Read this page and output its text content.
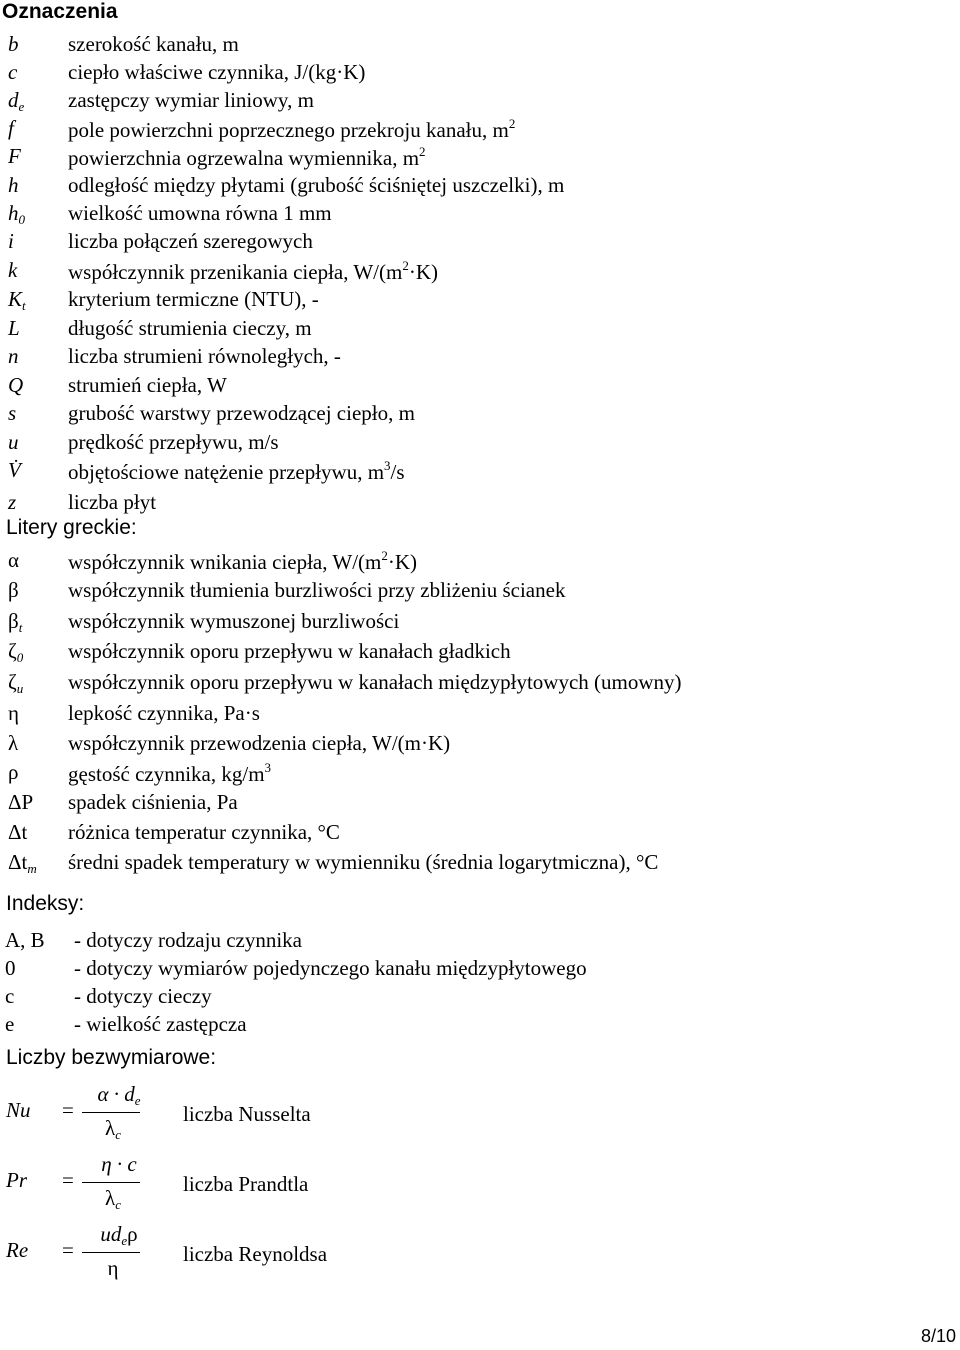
Oznaczenia
b szerokość kanału, m
c ciepło właściwe czynnika, J/(kg·K)
$d_e$ zastępczy wymiar liniowy, m
f	pole powierzchni poprzecznego przekroju kanału, $m^2$
F powierzchnia ogrzewalna wymiennika, $m^2$
h odległość między płytami (grubość ściśniętej uszczelki), m
$h_0$ wielkość umowna równa 1 mm
i	liczba połączeń szeregowych
k współczynnik przenikania ciepła, $W/(m^2\cdot K)$
$K_t$ kryterium termiczne (NTU), -
L długość strumienia cieczy, m
n liczba strumieni równoległych, -
Q strumień ciepła, W
s grubość warstwy przewodzącej ciepło, m
u prędkość przepływu, m/s
V̇ objętościowe natężenie przepływu, $m^3/s$
z liczba płyt
Litery greckie:
α współczynnik wnikania ciepła, $W/(m^2\cdot K)$
β współczynnik tłumienia burzliwości przy zbliżeniu ścianek
$\beta_t$ współczynnik wymuszonej burzliwości
$\zeta_0$ współczynnik oporu przepływu w kanałach gładkich
$\zeta_u$ współczynnik oporu przepływu w kanałach międzypłytowych (umowny)
η lepkość czynnika, Pa·s
λ współczynnik przewodzenia ciepła, W/(m·K)
ρ gęstość czynnika, $kg/m^3$
ΔP spadek ciśnienia, Pa
Δt różnica temperatur czynnika, °C
$\Delta t_m$ średni spadek temperatury w wymienniku (średnia logarytmiczna), °C
Indeksy:
A, B - dotyczy rodzaju czynnika
0	- dotyczy wymiarów pojedynczego kanału międzypłytowego
c	- dotyczy cieczy
e	- wielkość zastępcza
Liczby bezwymiarowe:
Nu =
$\alpha \cdot d_e$
$\lambda_c$
liczba Nusselta
Pr =
η · c
$\lambda_c$
liczba Prandtla
Re =
$ud_e\rho$
η
liczba Reynoldsa
8/10
